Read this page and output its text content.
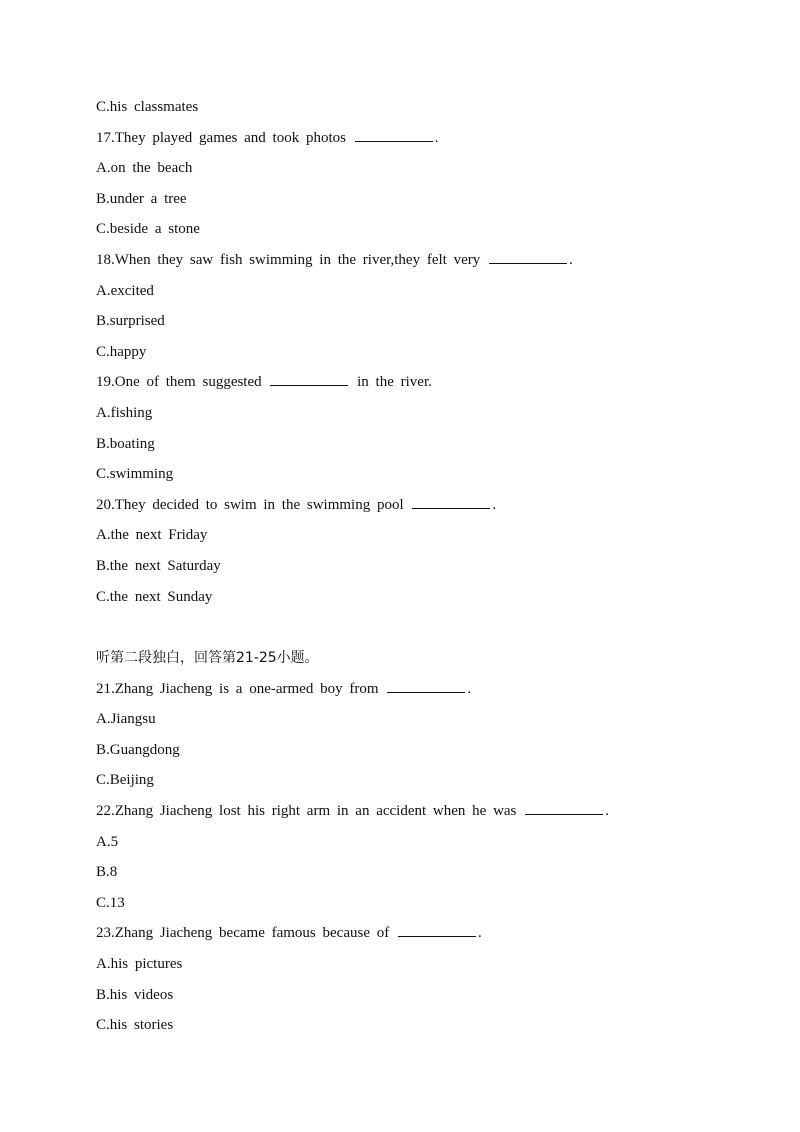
C.his classmates
17.They played games and took photos	.
A.on the beach
B.under a tree
C.beside a stone
18.When they saw fish swimming in the river,they felt very	.
A.excited
B.surprised
C.happy
19.One of them suggested	in the river.
A.fishing
B.boating
C.swimming
20.They decided to swim in the swimming pool	.
A.the next Friday
B.the next Saturday
C.the next Sunday
听第二段独白，回答第21-25小题。
21.Zhang Jiacheng is a one-armed boy from	.
A.Jiangsu
B.Guangdong
C.Beijing
22.Zhang Jiacheng lost his right arm in an accident when he was	.
A.5
B.8
C.13
23.Zhang Jiacheng became famous because of	.
A.his pictures
B.his videos
C.his stories
